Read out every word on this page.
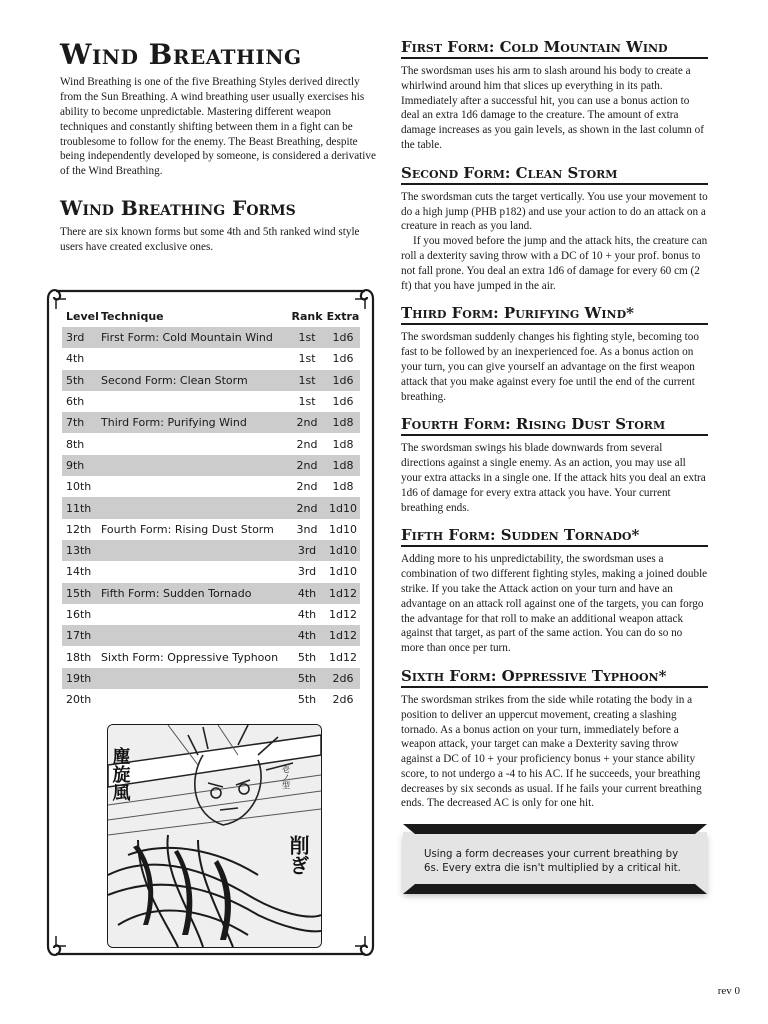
Wind Breathing

Wind Breathing is one of the five Breathing Styles derived directly from the Sun Breathing. A wind breathing user usually exercises his ability to become unpredictable. Mastering different weapon techniques and constantly shifting between them in a fight can be troublesome to follow for the enemy. The Beast Breathing, despite being independently developed by someone, is considered a derivative of the Wind Breathing.

Wind Breathing Forms

There are six known forms but some 4th and 5th ranked wind style users have created exclusive ones.

Level Technique	Rank Extra
3rd	First Form: Cold Mountain Wind	1st	1d6
4th	1st	1d6
5th	Second Form: Clean Storm	1st	1d6
6th	1st	1d6
7th	Third Form: Purifying Wind	2nd	1d8
8th	2nd	1d8
9th	2nd	1d8
10th	2nd	1d8
11th	2nd	1d10
12th Fourth Form: Rising Dust Storm	3nd	1d10
13th	3rd	1d10
14th	3rd	1d10
15th Fifth Form: Sudden Tornado	4th	1d12
16th	4th	1d12
17th	4th	1d12
18th Sixth Form: Oppressive Typhoon	5th	1d12
19th	5th	2d6
20th	5th	2d6
塵旋風
削ぎ
壱ノ型
First Form: Cold Mountain Wind

The swordsman uses his arm to slash around his body to create a whirlwind around him that slices up everything in its path. Immediately after a successful hit, you can use a bonus action to deal an extra 1d6 damage to the creature. The amount of extra damage increases as you gain levels, as shown in the last column of the table.

Second Form: Clean Storm

The swordsman cuts the target vertically. You use your movement to do a high jump (PHB p182) and use your action to do an attack on a creature in reach as you land.

If you moved before the jump and the attack hits, the creature can roll a dexterity saving throw with a DC of 10 + your prof. bonus to not fall prone. You deal an extra 1d6 of damage for every 60 cm (2 ft) that you have jumped in the air.

Third Form: Purifying Wind*

The swordsman suddenly changes his fighting style, becoming too fast to be followed by an inexperienced foe. As a bonus action on your turn, you can give yourself an advantage on the first weapon attack that you make against every foe until the end of the current breathing.

Fourth Form: Rising Dust Storm

The swordsman swings his blade downwards from several directions against a single enemy. As an action, you may use all your extra attacks in a single one. If the attack hits you deal an extra 1d6 of damage for every extra attack you have. Your current breathing ends.

Fifth Form: Sudden Tornado*

Adding more to his unpredictability, the swordsman uses a combination of two different fighting styles, making a joined double strike. If you take the Attack action on your turn and have an advantage on an attack roll against one of the targets, you can forgo the advantage for that roll to make an additional weapon attack against that target, as part of the same action. You can do so no more than once per turn.

Sixth Form: Oppressive Typhoon*

The swordsman strikes from the side while rotating the body in a position to deliver an uppercut movement, creating a slashing tornado. As a bonus action on your turn, immediately before a weapon attack, your target can make a Dexterity saving throw against a DC of 10 + your proficiency bonus + your stance ability score, to not undergo a -4 to his AC. If he succeeds, your breathing decreases by six seconds as usual. If he fails your current breathing ends. The decreased AC is only for one hit.

Using a form decreases your current breathing by 6s. Every extra die isn't multiplied by a critical hit.

rev 0
